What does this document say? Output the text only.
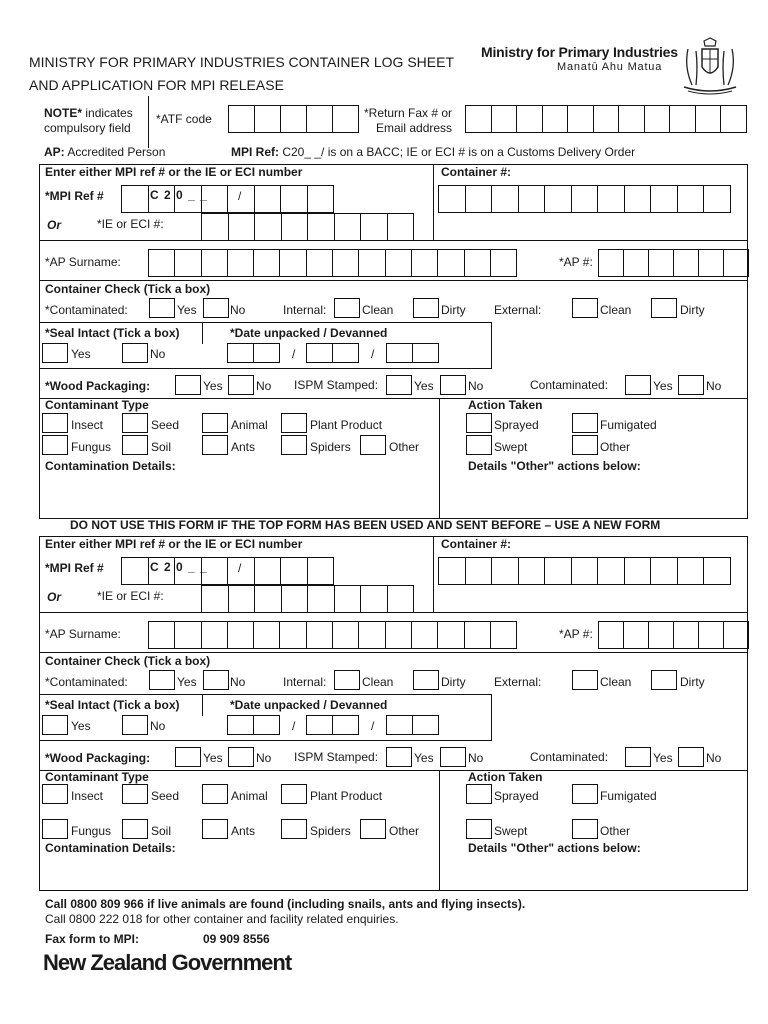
MINISTRY FOR PRIMARY INDUSTRIES CONTAINER LOG SHEET
AND APPLICATION FOR MPI RELEASE
Ministry for Primary Industries
Manatū Ahu Matua
NOTE* indicates
compulsory field
*ATF code	*Return Fax # or
Email address
AP: Accredited Person	MPI Ref: C20_ _/ is on a BACC; IE or ECI # is on a Customs Delivery Order
Enter either MPI ref # or the IE or ECI number	Container #:
*MPI Ref #	C 2 0 _ _	/
Or	*IE or ECI #:
*AP Surname:	*AP #:
Container Check (Tick a box)
*Contaminated:	Yes	No	Internal:	Clean	Dirty External:	Clean	Dirty
*Seal Intact (Tick a box)	*Date unpacked / Devanned
Yes	No	/	/
*Wood Packaging:	Yes	No ISPM Stamped:	Yes	No	Contaminated:	Yes	No
Contaminant Type	Action Taken
Insect	Seed	Animal	Plant Product
Fungus	Soil	Ants	Spiders	Other
Sprayed	Fumigated
Swept	Other
Contamination Details:	Details "Other" actions below:
Enter either MPI ref # or the IE or ECI number	Container #:
*MPI Ref #	C 2 0 _ _	/
Or	*IE or ECI #:
*AP Surname:	*AP #:
Container Check (Tick a box)
*Contaminated:	Yes	No	Internal:	Clean	Dirty External:	Clean	Dirty
*Seal Intact (Tick a box)	*Date unpacked / Devanned
Yes	No	/	/
*Wood Packaging:	Yes	No ISPM Stamped:	Yes	No	Contaminated:	Yes	No
Contaminant Type	Action Taken
Insect	Seed	Animal	Plant Product
Fungus	Soil	Ants	Spiders	Other
Sprayed	Fumigated
Swept	Other
Contamination Details:	Details "Other" actions below:
DO NOT USE THIS FORM IF THE TOP FORM HAS BEEN USED AND SENT BEFORE – USE A NEW FORM
Call 0800 809 966 if live animals are found (including snails, ants and flying insects).
Call 0800 222 018 for other container and facility related enquiries.
Fax form to MPI:	09 909 8556
New Zealand Government
